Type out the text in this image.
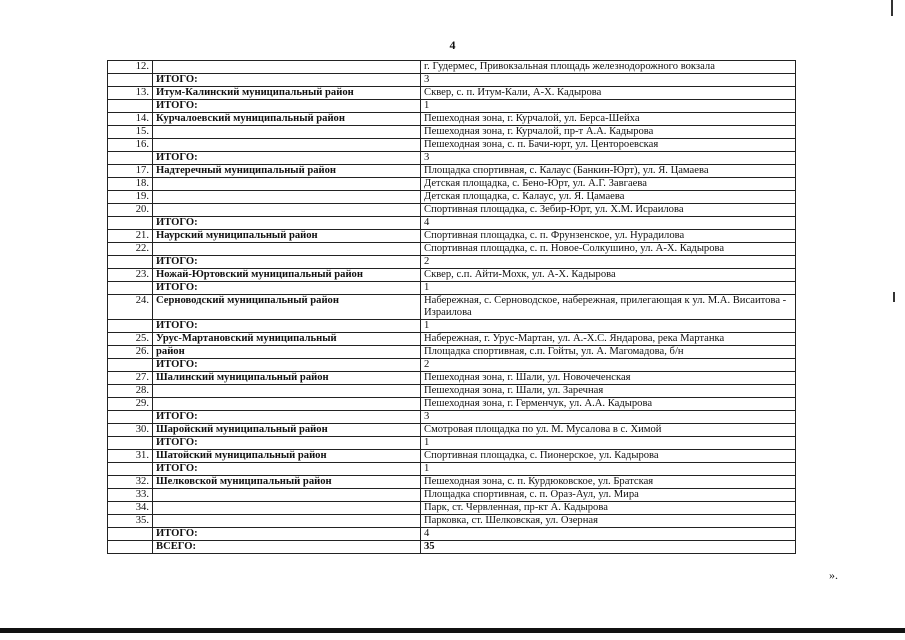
4
12.		г. Гудермес, Привокзальная площадь железнодорожного вокзала
	ИТОГО:	3
13.	Итум-Калинский муниципальный район	Сквер, с. п. Итум-Кали, А-Х. Кадырова
	ИТОГО:	1
14.	Курчалоевский муниципальный район	Пешеходная зона, г. Курчалой, ул. Берса-Шейха
15.		Пешеходная зона, г. Курчалой, пр-т А.А. Кадырова
16.		Пешеходная зона, с. п. Бачи-юрт, ул. Центороевская
	ИТОГО:	3
17.	Надтеречный муниципальный район	Площадка спортивная, с. Калаус (Банкин-Юрт), ул. Я. Цамаева
18.		Детская площадка, с. Бено-Юрт, ул. А.Г. Завгаева
19.		Детская площадка, с. Калаус, ул. Я. Цамаева
20.		Спортивная площадка, с. Зебир-Юрт, ул. Х.М. Исраилова
	ИТОГО:	4
21.	Наурский муниципальный район	Спортивная площадка, с. п. Фрунзенское, ул. Нурадилова
22.		Спортивная площадка, с. п. Новое-Солкушино, ул. А-Х. Кадырова
	ИТОГО:	2
23.	Ножай-Юртовский муниципальный район	Сквер, с.п. Айти-Мохк, ул. А-Х. Кадырова
	ИТОГО:	1
24.	Серноводский муниципальный район	Набережная, с. Серноводское, набережная, прилегающая к ул. М.А. Висаитова - Израилова
	ИТОГО:	1
25.	Урус-Мартановский муниципальный	Набережная, г. Урус-Мартан, ул. А.-Х.С. Яндарова, река Мартанка
26.	район	Площадка спортивная, с.п. Гойты, ул. А. Магомадова, б/н
	ИТОГО:	2
27.	Шалинский муниципальный район	Пешеходная зона, г. Шали, ул. Новочеченская
28.		Пешеходная зона, г. Шали, ул. Заречная
29.		Пешеходная зона, г. Герменчук, ул. А.А. Кадырова
	ИТОГО:	3
30.	Шаройский муниципальный район	Смотровая площадка по ул. М. Мусалова в с. Химой
	ИТОГО:	1
31.	Шатойский муниципальный район	Спортивная площадка, с. Пионерское, ул. Кадырова
	ИТОГО:	1
32.	Шелковской муниципальный район	Пешеходная зона, с. п. Курдюковское, ул. Братская
33.		Площадка спортивная, с. п. Ораз-Аул, ул. Мира
34.		Парк, ст. Червленная, пр-кт А. Кадырова
35.		Парковка, ст. Шелковская, ул. Озерная
	ИТОГО:	4
	ВСЕГО:	35
».
